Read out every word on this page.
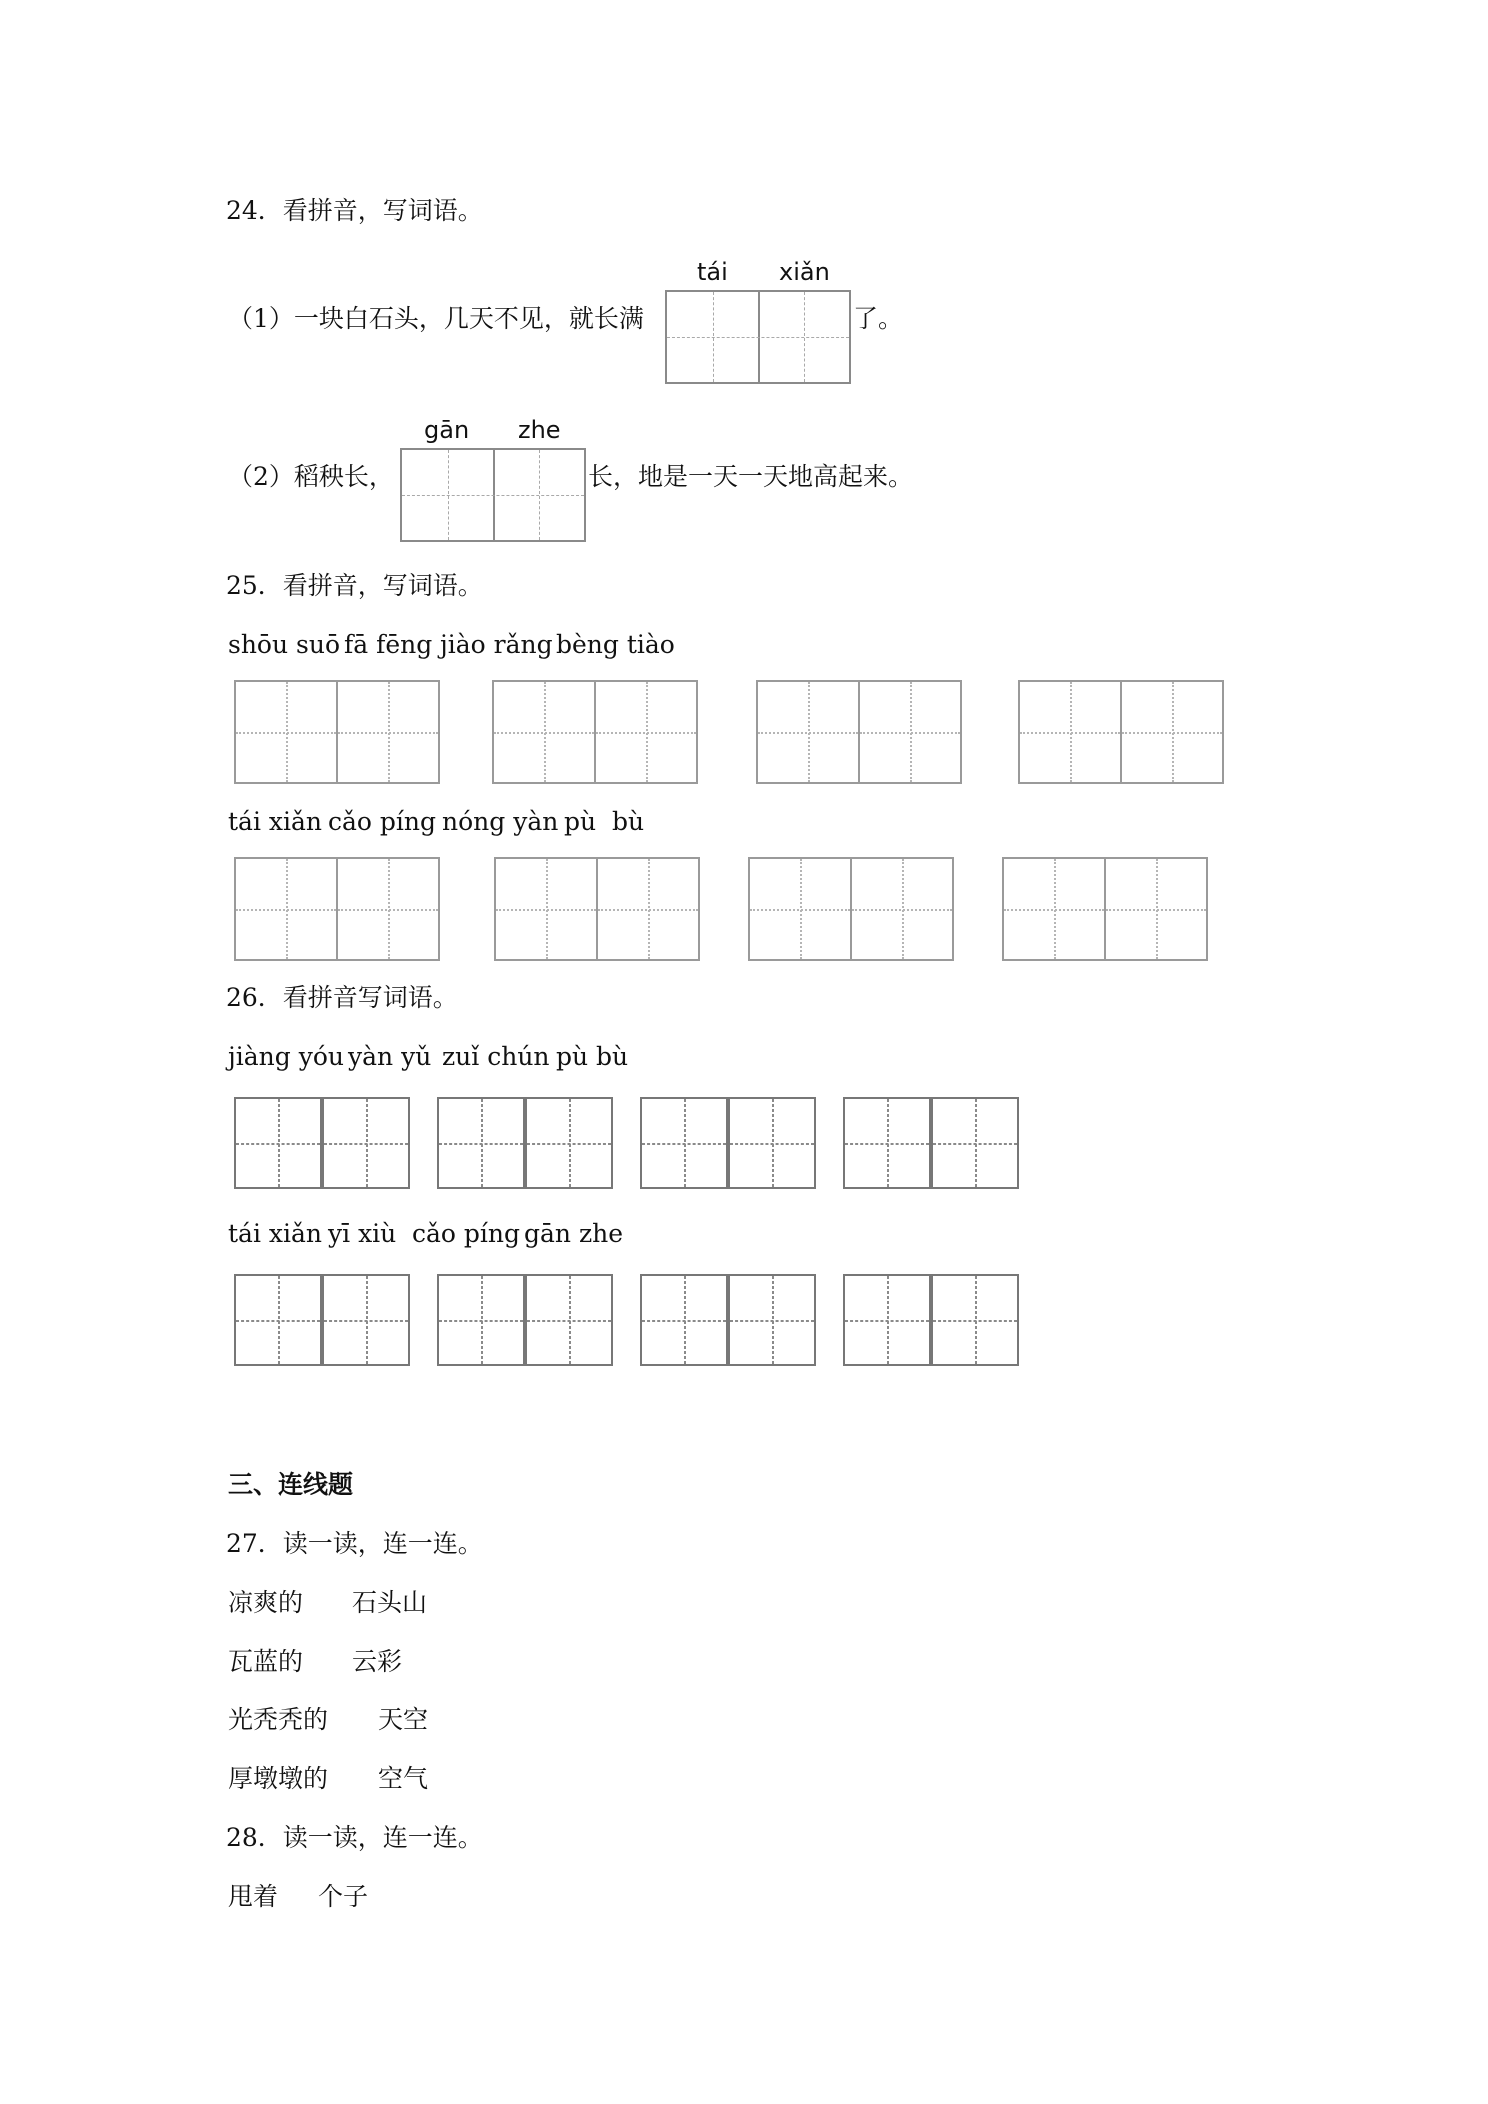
24．看拼音，写词语。
tái xiǎn
（1）一块白石头，几天不见，就长满	了。
gān zhe
（2）稻秧长，	长，地是一天一天地高起来。
25．看拼音，写词语。
shōu suō fā fēng jiào rǎng bèng tiào
tái xiǎn cǎo píng nóng yàn pù  bù
26．看拼音写词语。
jiàng yóu yàn yǔ zuǐ chún pù bù
tái xiǎn yī xiù cǎo píng gān zhe
三、连线题
27．读一读，连一连。
凉爽的 石头山
瓦蓝的 云彩
光秃秃的 天空
厚墩墩的 空气
28．读一读，连一连。
甩着 个子
